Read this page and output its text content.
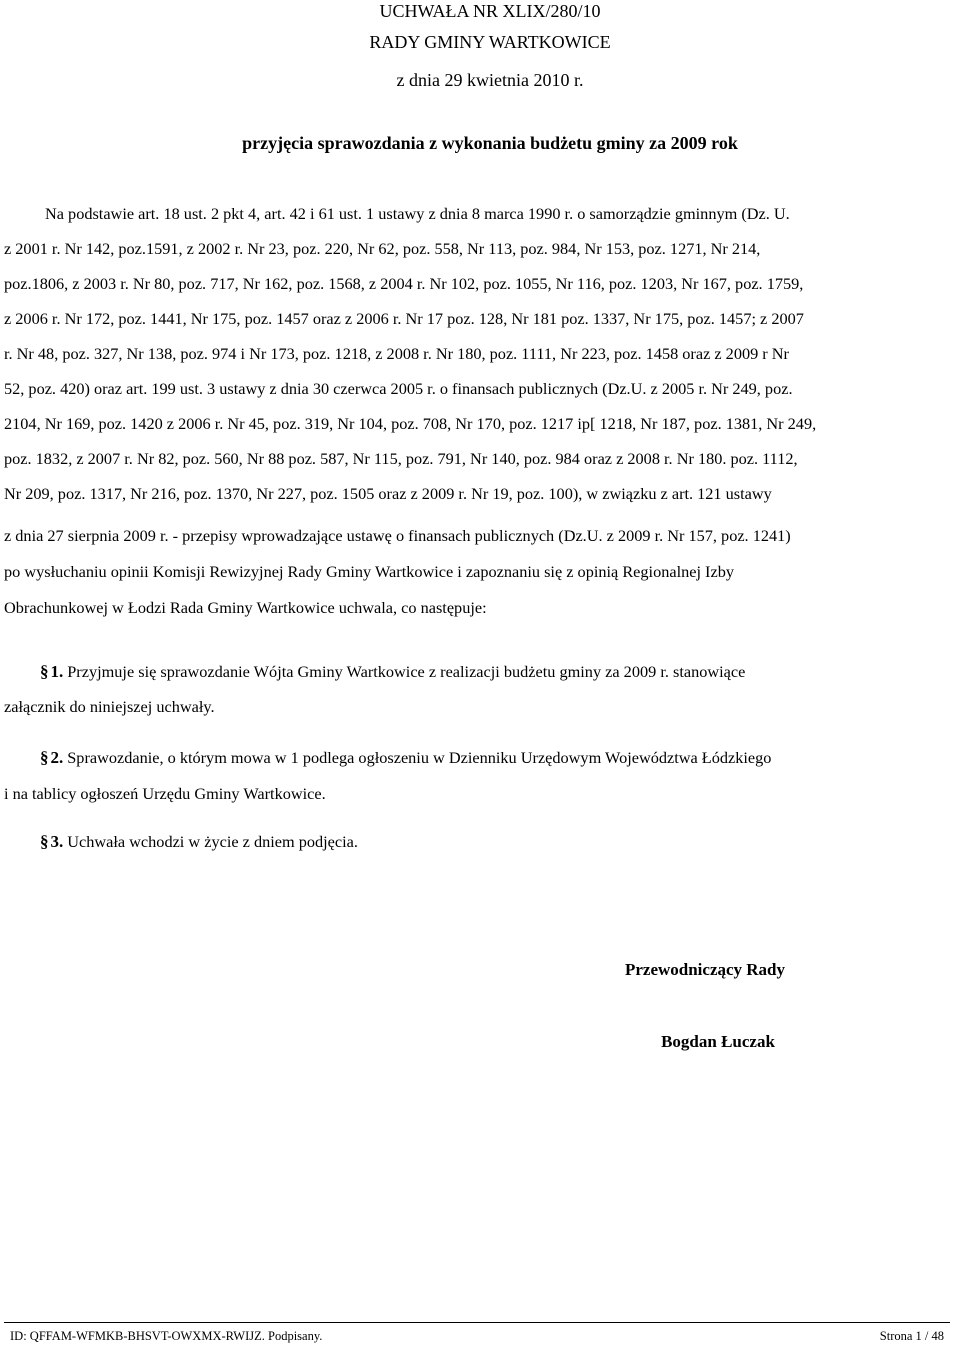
UCHWAŁA NR XLIX/280/10
RADY GMINY WARTKOWICE
z dnia 29 kwietnia 2010 r.
przyjęcia sprawozdania z wykonania budżetu gminy za 2009 rok
Na podstawie art. 18 ust. 2 pkt 4, art. 42 i 61 ust. 1 ustawy z dnia 8 marca 1990 r. o samorządzie gminnym (Dz. U.
z 2001 r. Nr 142, poz.1591, z 2002 r. Nr 23, poz. 220, Nr 62, poz. 558, Nr 113, poz. 984, Nr 153, poz. 1271, Nr 214,
poz.1806, z 2003 r. Nr 80, poz. 717, Nr 162, poz. 1568, z 2004 r. Nr 102, poz. 1055, Nr 116, poz. 1203, Nr 167, poz. 1759,
z 2006 r. Nr 172, poz. 1441, Nr 175, poz. 1457 oraz z 2006 r. Nr 17 poz. 128, Nr 181 poz. 1337, Nr 175, poz. 1457; z 2007
r. Nr 48, poz. 327, Nr 138, poz. 974 i Nr 173, poz. 1218, z 2008 r. Nr 180, poz. 1111, Nr 223, poz. 1458 oraz z 2009 r Nr
52, poz. 420) oraz art. 199 ust. 3 ustawy z dnia 30 czerwca 2005 r. o finansach publicznych (Dz.U. z 2005 r. Nr 249, poz.
2104, Nr 169, poz. 1420 z 2006 r. Nr 45, poz. 319, Nr 104, poz. 708, Nr 170, poz. 1217 ip[ 1218, Nr 187, poz. 1381, Nr 249,
poz. 1832, z 2007 r. Nr 82, poz. 560, Nr 88 poz. 587, Nr 115, poz. 791, Nr 140, poz. 984 oraz z 2008 r. Nr 180. poz. 1112,
Nr 209, poz. 1317, Nr 216, poz. 1370, Nr 227, poz. 1505 oraz z 2009 r. Nr 19, poz. 100), w związku z art. 121 ustawy
z dnia 27 sierpnia 2009 r. - przepisy wprowadzające ustawę o finansach publicznych (Dz.U. z 2009 r. Nr 157, poz. 1241)
po wysłuchaniu opinii Komisji Rewizyjnej Rady Gminy Wartkowice i zapoznaniu się z opinią Regionalnej Izby
Obrachunkowej w Łodzi Rada Gminy Wartkowice uchwala, co następuje:
§ 1. Przyjmuje się sprawozdanie Wójta Gminy Wartkowice z realizacji budżetu gminy za 2009 r. stanowiące
załącznik do niniejszej uchwały.
§ 2. Sprawozdanie, o którym mowa w 1 podlega ogłoszeniu w Dzienniku Urzędowym Województwa Łódzkiego
i na tablicy ogłoszeń Urzędu Gminy Wartkowice.
§ 3. Uchwała wchodzi w życie z dniem podjęcia.
Przewodniczący Rady
Bogdan Łuczak
ID: QFFAM-WFMKB-BHSVT-OWXMX-RWIJZ. Podpisany.	Strona 1 / 48
